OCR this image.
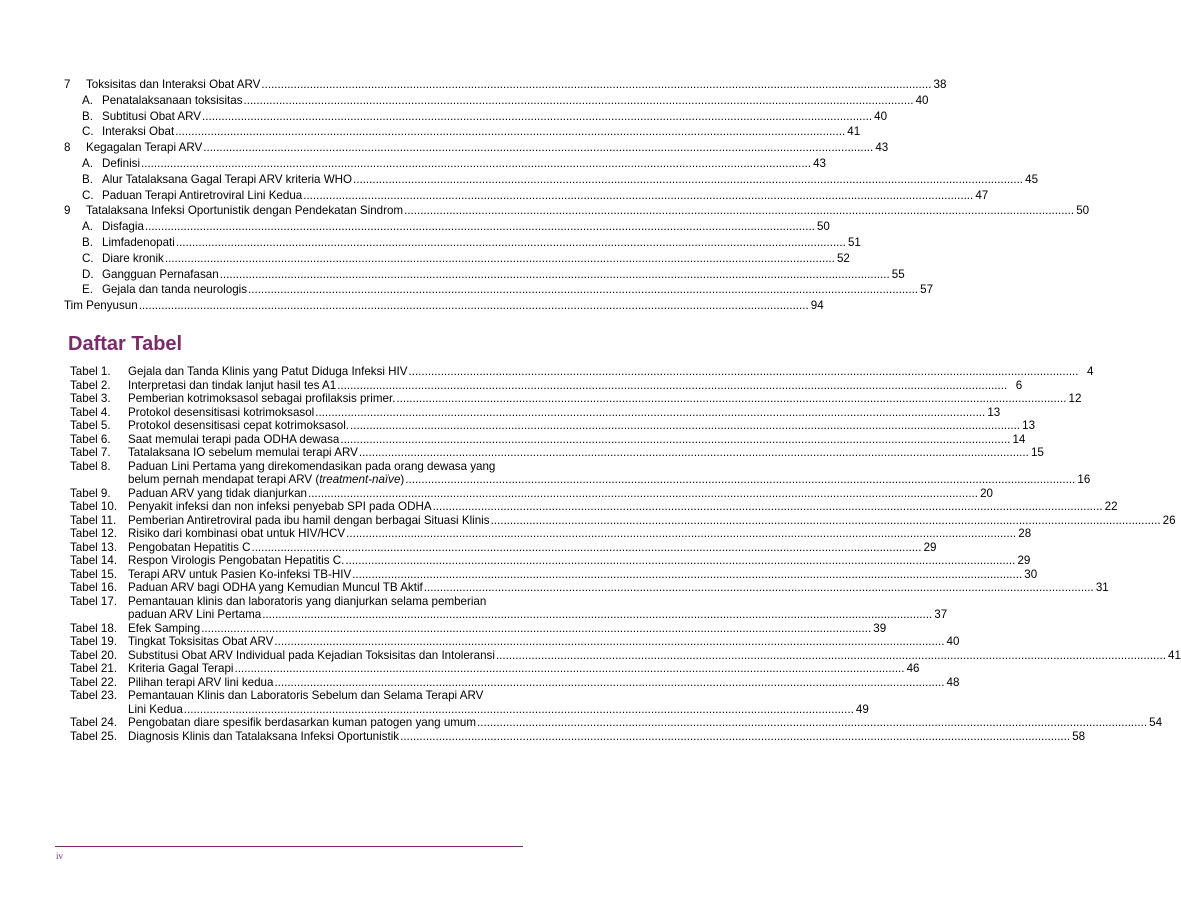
7	Toksisitas dan Interaksi Obat ARV .....	38
A. Penatalaksanaan toksisitas .....	40
B. Subtitusi Obat ARV .....	40
C. Interaksi Obat .....	41
8	Kegagalan Terapi ARV .....	43
A. Definisi .....	43
B. Alur Tatalaksana Gagal Terapi ARV kriteria WHO .....	45
C. Paduan Terapi Antiretroviral Lini Kedua .....	47
9	Tatalaksana Infeksi Oportunistik dengan Pendekatan Sindrom .....	50
A. Disfagia .....	50
B. Limfadenopati .....	51
C. Diare kronik .....	52
D. Gangguan Pernafasan .....	55
E. Gejala dan tanda neurologis .....	57
Tim Penyusun .....	94
Daftar Tabel
Tabel 1.	Gejala dan Tanda Klinis yang Patut Diduga Infeksi HIV .....	4
Tabel 2.	Interpretasi dan tindak lanjut hasil tes A1 .....	6
Tabel 3.	Pemberian kotrimoksasol sebagai profilaksis primer. .....	12
Tabel 4.	Protokol desensitisasi kotrimoksasol .....	13
Tabel 5.	Protokol desensitisasi cepat kotrimoksasol. .....	13
Tabel 6.	Saat memulai terapi pada ODHA dewasa .....	14
Tabel 7.	Tatalaksana IO sebelum memulai terapi ARV .....	15
Tabel 8.	Paduan Lini Pertama yang direkomendasikan pada orang dewasa yang
belum pernah mendapat terapi ARV ( treatment-naïve ) .....	16
Tabel 9.	Paduan ARV yang tidak dianjurkan .....	20
Tabel 10. Penyakit infeksi dan non infeksi penyebab SPI pada ODHA .....	22
Tabel 11.	Pemberian Antiretroviral pada ibu hamil dengan berbagai Situasi Klinis .....	26
Tabel 12. Risiko dari kombinasi obat untuk HIV/HCV .....	28
Tabel 13. Pengobatan Hepatitis C .....	29
Tabel 14. Respon Virologis Pengobatan Hepatitis C. .....	29
Tabel 15. Terapi ARV untuk Pasien Ko-infeksi TB-HIV .....	30
Tabel 16. Paduan ARV bagi ODHA yang Kemudian Muncul TB Aktif .....	31
Tabel 17. Pemantauan klinis dan laboratoris yang dianjurkan selama pemberian
paduan ARV Lini Pertama .....	37
Tabel 18. Efek Samping .....	39
Tabel 19. Tingkat Toksisitas Obat ARV .....	40
Tabel 20. Substitusi Obat ARV Individual pada Kejadian Toksisitas dan Intoleransi .....	41
Tabel 21. Kriteria Gagal Terapi .....	46
Tabel 22. Pilihan terapi ARV lini kedua .....	48
Tabel 23. Pemantauan Klinis dan Laboratoris Sebelum dan Selama Terapi ARV
Lini Kedua .....	49
Tabel 24. Pengobatan diare spesifik berdasarkan kuman patogen yang umum .....	54
Tabel 25. Diagnosis Klinis dan Tatalaksana Infeksi Oportunistik .....	58
iv
